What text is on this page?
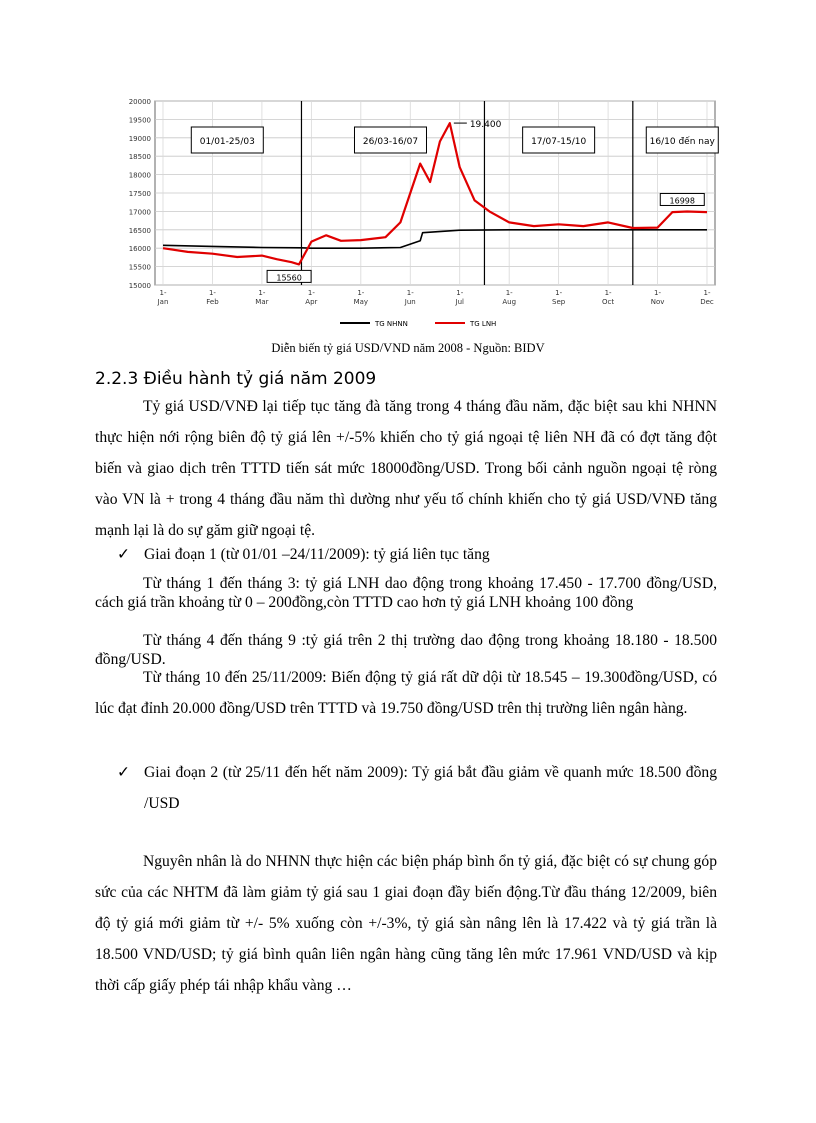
20000
19500
19000
18500
18000
17500
17000
16500
16000
15500
15000
1-
Jan
1-
Feb
1-
Mar
1-
Apr
1-
May
1-
Jun
1-
Jul
1-
Aug
1-
Sep
1-
Oct
1-
Nov
1-
Dec
01/01-25/03	26/03-16/07	17/07-15/10	16/10 đến nay
19.400
15560
16998
TG NHNN	TG LNH
Diễn biến tỷ giá USD/VND năm 2008 - Nguồn: BIDV
2.2.3 Điều hành tỷ giá năm 2009

Tỷ giá USD/VNĐ lại tiếp tục tăng đà tăng trong 4 tháng đầu năm, đặc biệt sau khi NHNN thực hiện nới rộng biên độ tỷ giá lên +/-5% khiến cho tỷ giá ngoại tệ liên NH đã có đợt tăng đột biến và giao dịch trên TTTD tiến sát mức 18000đồng/USD. Trong bối cảnh nguồn ngoại tệ ròng vào VN là + trong 4 tháng đầu năm thì dường như yếu tố chính khiến cho tỷ giá USD/VNĐ tăng mạnh lại là do sự găm giữ ngoại tệ.

✓ Giai đoạn 1 (từ 01/01 –24/11/2009): tỷ giá liên tục tăng

Từ tháng 1 đến tháng 3: tỷ giá LNH dao động trong khoảng 17.450 - 17.700 đồng/USD, cách giá trần khoảng từ 0 – 200đồng,còn TTTD cao hơn tỷ giá LNH khoảng 100 đồng

Từ tháng 4 đến tháng 9 :tỷ giá trên 2 thị trường dao động trong khoảng 18.180 - 18.500 đồng/USD.

Từ tháng 10 đến 25/11/2009: Biến động tỷ giá rất dữ dội từ 18.545 – 19.300đồng/USD, có lúc đạt đỉnh 20.000 đồng/USD trên TTTD và 19.750 đồng/USD trên thị trường liên ngân hàng.

✓ Giai đoạn 2 (từ 25/11 đến hết năm 2009): Tỷ giá bắt đầu giảm về quanh mức 18.500 đồng /USD

Nguyên nhân là do NHNN thực hiện các biện pháp bình ổn tỷ giá, đặc biệt có sự chung góp sức của các NHTM đã làm giảm tỷ giá sau 1 giai đoạn đầy biến động.Từ đầu tháng 12/2009, biên độ tỷ giá mới giảm từ +/- 5% xuống còn +/-3%, tỷ giá sàn nâng lên là 17.422 và tỷ giá trần là 18.500 VND/USD; tỷ giá bình quân liên ngân hàng cũng tăng lên mức 17.961 VND/USD và kịp thời cấp giấy phép tái nhập khẩu vàng …
